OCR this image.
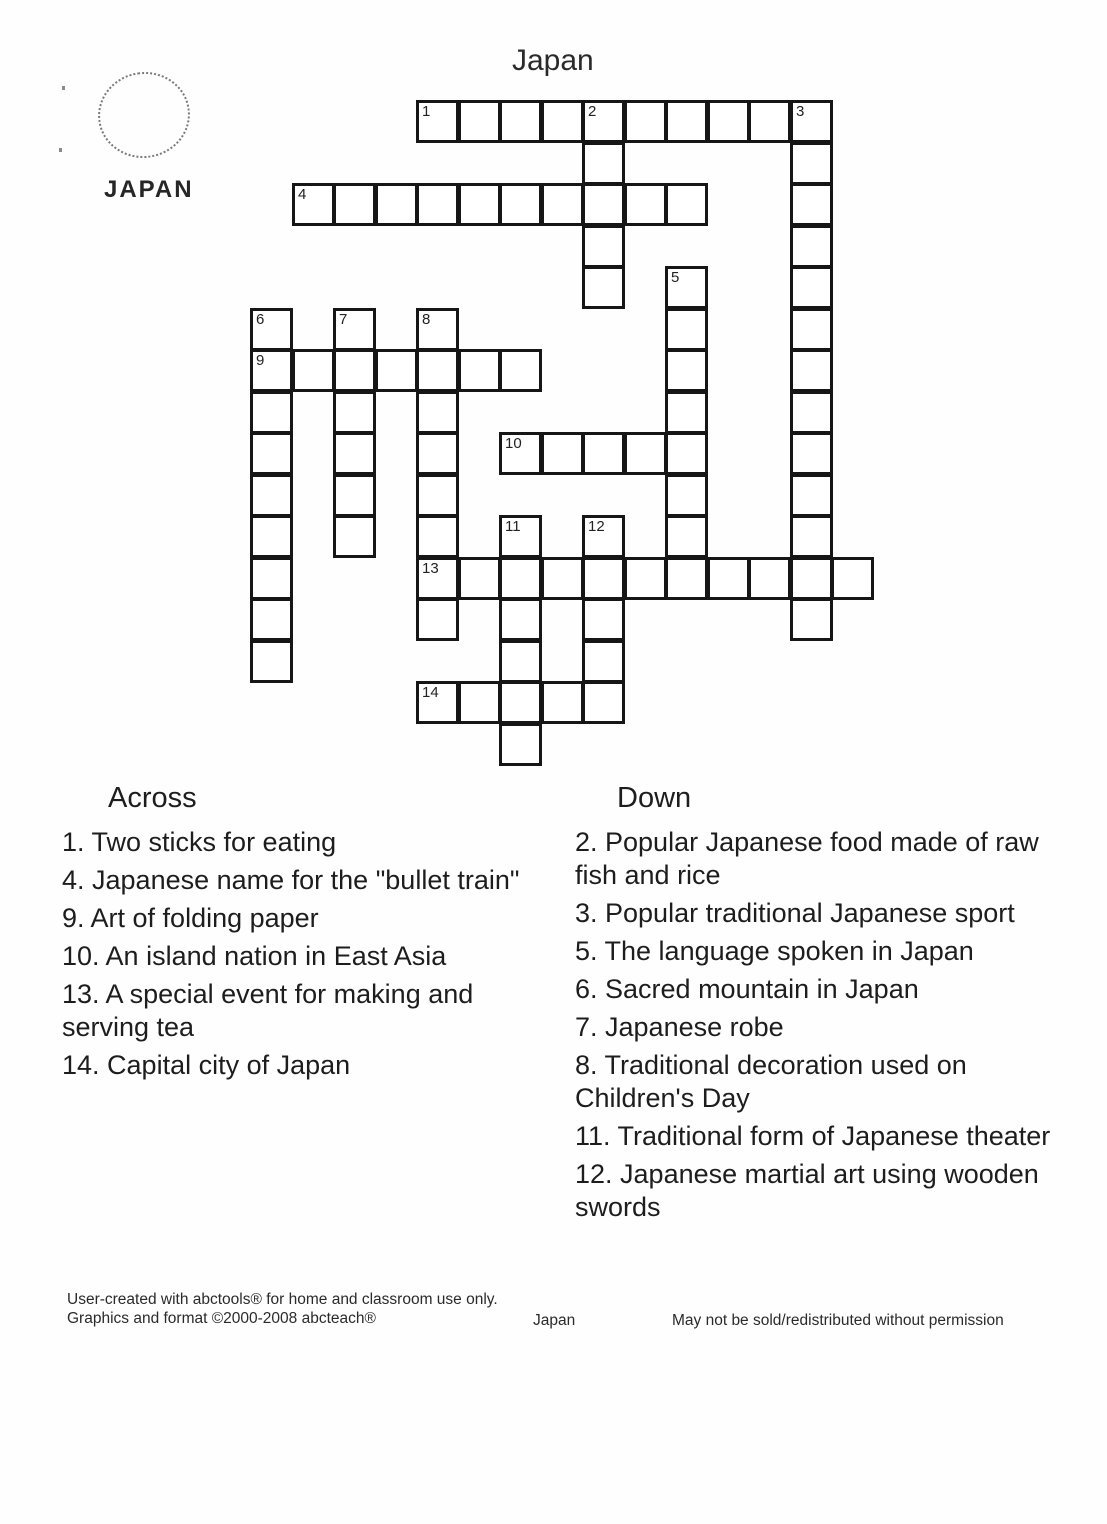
Japan
JAPAN
1	2	3
4
5
6	7	8
9
10
11	12
13
14
Across
1. Two sticks for eating
4. Japanese name for the "bullet train"
9. Art of folding paper
10. An island nation in East Asia
13. A special event for making and serving tea
14. Capital city of Japan
Down
2. Popular Japanese food made of raw fish and rice
3. Popular traditional Japanese sport
5. The language spoken in Japan
6. Sacred mountain in Japan
7. Japanese robe
8. Traditional decoration used on Children's Day
11. Traditional form of Japanese theater
12. Japanese martial art using wooden swords
User-created with abctools® for home and classroom use only.
Graphics and format ©2000-2008 abcteach®	Japan	May not be sold/redistributed without permission
